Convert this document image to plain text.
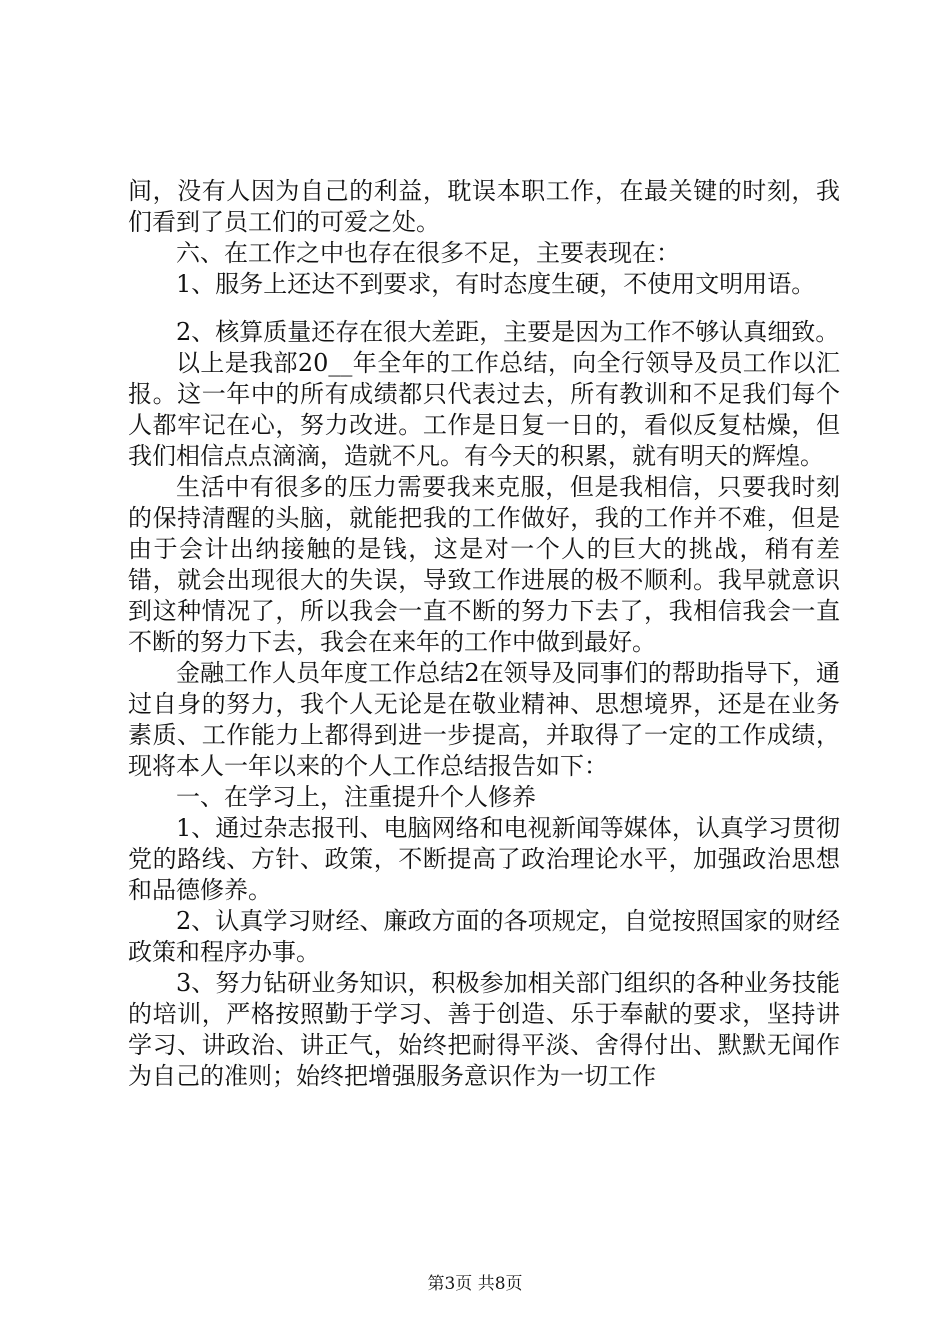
间，没有人因为自己的利益，耽误本职工作，在最关键的时刻，我们看到了员工们的可爱之处。

六、在工作之中也存在很多不足，主要表现在：

1、服务上还达不到要求，有时态度生硬，不使用文明用语。

2、核算质量还存在很大差距，主要是因为工作不够认真细致。

以上是我部20__年全年的工作总结，向全行领导及员工作以汇报。这一年中的所有成绩都只代表过去，所有教训和不足我们每个人都牢记在心，努力改进。工作是日复一日的，看似反复枯燥，但我们相信点点滴滴，造就不凡。有今天的积累，就有明天的辉煌。

生活中有很多的压力需要我来克服，但是我相信，只要我时刻的保持清醒的头脑，就能把我的工作做好，我的工作并不难，但是由于会计出纳接触的是钱，这是对一个人的巨大的挑战，稍有差错，就会出现很大的失误，导致工作进展的极不顺利。我早就意识到这种情况了，所以我会一直不断的努力下去了，我相信我会一直不断的努力下去，我会在来年的工作中做到最好。

金融工作人员年度工作总结2在领导及同事们的帮助指导下，通过自身的努力，我个人无论是在敬业精神、思想境界，还是在业务素质、工作能力上都得到进一步提高，并取得了一定的工作成绩，现将本人一年以来的个人工作总结报告如下：

一、在学习上，注重提升个人修养

1、通过杂志报刊、电脑网络和电视新闻等媒体，认真学习贯彻党的路线、方针、政策，不断提高了政治理论水平，加强政治思想和品德修养。

2、认真学习财经、廉政方面的各项规定，自觉按照国家的财经政策和程序办事。

3、努力钻研业务知识，积极参加相关部门组织的各种业务技能的培训，严格按照勤于学习、善于创造、乐于奉献的要求，坚持讲学习、讲政治、讲正气，始终把耐得平淡、舍得付出、默默无闻作为自己的准则；始终把增强服务意识作为一切工作

第3页 共8页
